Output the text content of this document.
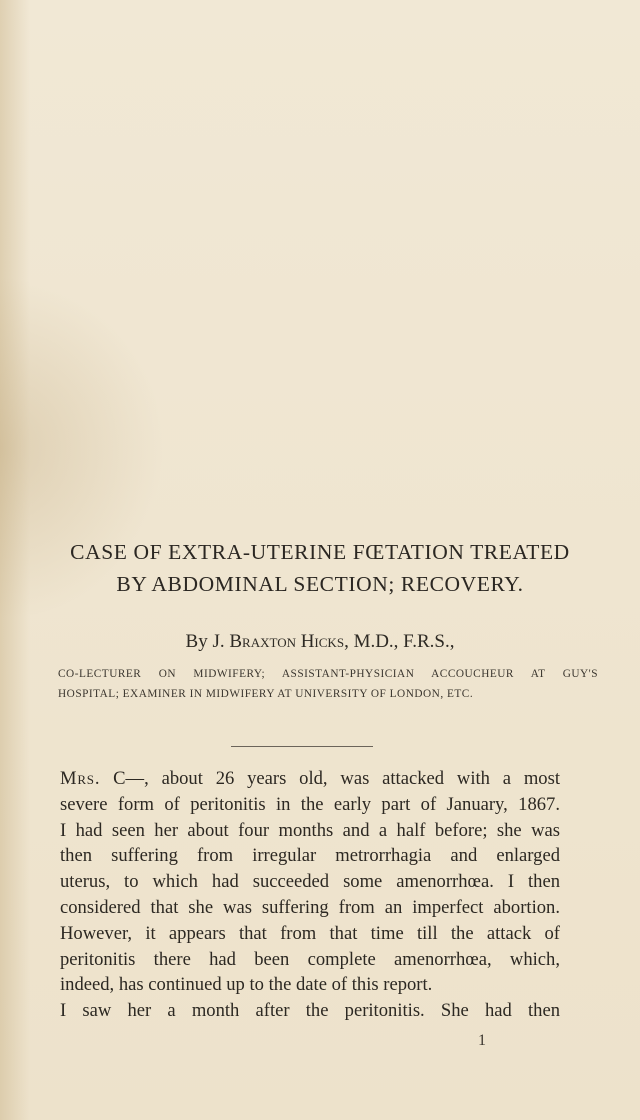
CASE OF EXTRA-UTERINE FŒTATION TREATED
BY ABDOMINAL SECTION; RECOVERY.
By J. Braxton Hicks, M.D., F.R.S.,
CO-LECTURER ON MIDWIFERY; ASSISTANT-PHYSICIAN ACCOUCHEUR AT GUY'S
HOSPITAL; EXAMINER IN MIDWIFERY AT UNIVERSITY OF LONDON, ETC.
Mrs. C—, about 26 years old, was attacked with a most
severe form of peritonitis in the early part of January, 1867.
I had seen her about four months and a half before; she was
then suffering from irregular metrorrhagia and enlarged
uterus, to which had succeeded some amenorrhœa. I then
considered that she was suffering from an imperfect abortion.
However, it appears that from that time till the attack of
peritonitis there had been complete amenorrhœa, which,
indeed, has continued up to the date of this report.
I saw her a month after the peritonitis. She had then
1
